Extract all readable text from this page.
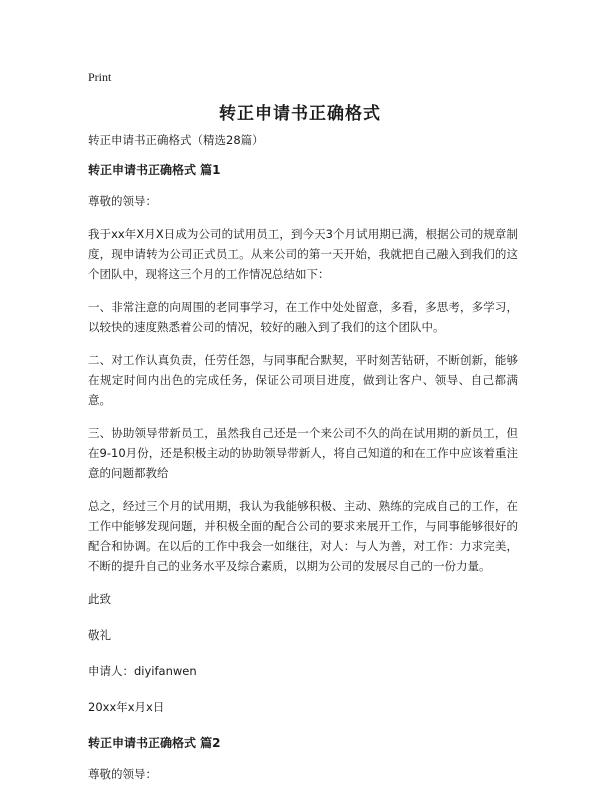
Print
转正申请书正确格式

转正申请书正确格式（精选28篇）

转正申请书正确格式 篇1

尊敬的领导：

我于xx年X月X日成为公司的试用员工，到今天3个月试用期已满，根据公司的规章制度，现申请转为公司正式员工。从来公司的第一天开始，我就把自己融入到我们的这个团队中，现将这三个月的工作情况总结如下：

一、非常注意的向周围的老同事学习，在工作中处处留意，多看，多思考，多学习，以较快的速度熟悉着公司的情况，较好的融入到了我们的这个团队中。

二、对工作认真负责，任劳任怨，与同事配合默契，平时刻苦钻研，不断创新，能够在规定时间内出色的完成任务，保证公司项目进度，做到让客户、领导、自己都满意。

三、协助领导带新员工，虽然我自己还是一个来公司不久的尚在试用期的新员工，但在9-10月份，还是积极主动的协助领导带新人，将自己知道的和在工作中应该着重注意的问题都教给

总之，经过三个月的试用期，我认为我能够积极、主动、熟练的完成自己的工作，在工作中能够发现问题，并积极全面的配合公司的要求来展开工作，与同事能够很好的配合和协调。在以后的工作中我会一如继往，对人：与人为善，对工作：力求完美，不断的提升自己的业务水平及综合素质，以期为公司的发展尽自己的一份力量。

此致

敬礼

申请人：diyifanwen

20xx年x月x日

转正申请书正确格式 篇2

尊敬的领导：
